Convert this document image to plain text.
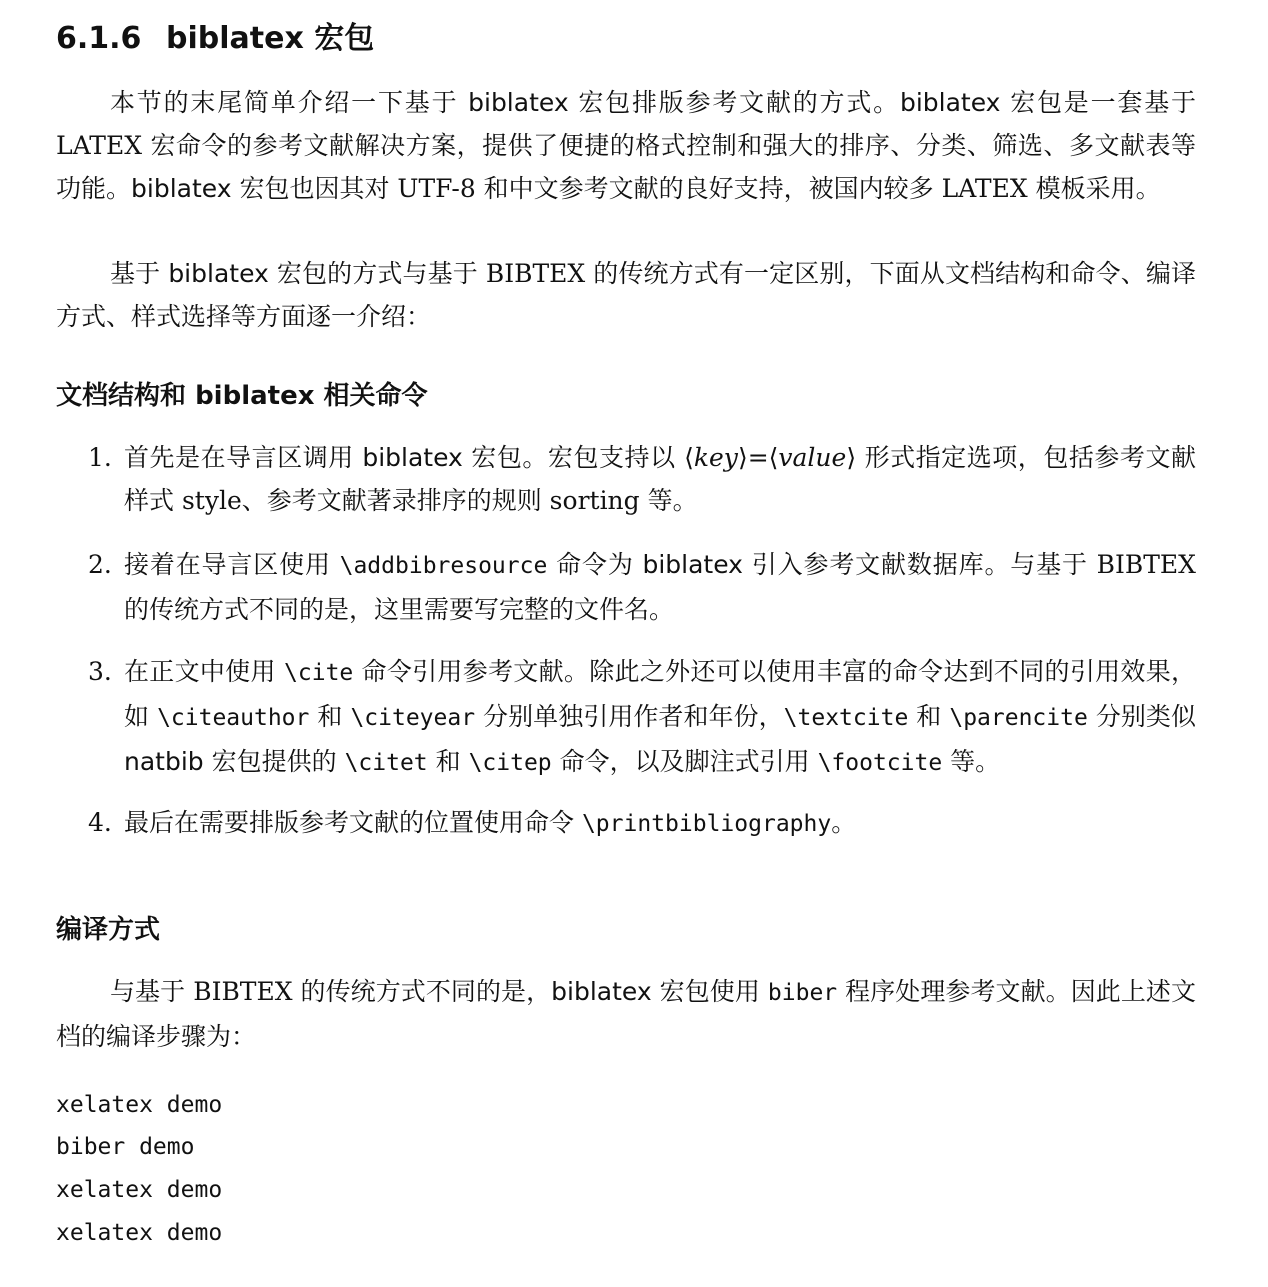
6.1.6 biblatex 宏包

本节的末尾简单介绍一下基于 biblatex 宏包排版参考文献的方式。biblatex 宏包是一套基于 LATEX 宏命令的参考文献解决方案，提供了便捷的格式控制和强大的排序、分类、筛选、多文献表等功能。biblatex 宏包也因其对 UTF-8 和中文参考文献的良好支持，被国内较多 LATEX 模板采用。

基于 biblatex 宏包的方式与基于 BIBTEX 的传统方式有一定区别，下面从文档结构和命令、编译方式、样式选择等方面逐一介绍：

文档结构和 biblatex 相关命令
1. 首先是在导言区调用 biblatex 宏包。宏包支持以 ⟨key⟩=⟨value⟩ 形式指定选项，包括参考文献样式 style、参考文献著录排序的规则 sorting 等。
2. 接着在导言区使用 \addbibresource 命令为 biblatex 引入参考文献数据库。与基于 BIBTEX 的传统方式不同的是，这里需要写完整的文件名。
3. 在正文中使用 \cite 命令引用参考文献。除此之外还可以使用丰富的命令达到不同的引用效果，如 \citeauthor 和 \citeyear 分别单独引用作者和年份，\textcite 和 \parencite 分别类似 natbib 宏包提供的 \citet 和 \citep 命令，以及脚注式引用 \footcite 等。
4. 最后在需要排版参考文献的位置使用命令 \printbibliography。
编译方式

与基于 BIBTEX 的传统方式不同的是，biblatex 宏包使用 biber 程序处理参考文献。因此上述文档的编译步骤为：

xelatex demo
biber demo
xelatex demo
xelatex demo
